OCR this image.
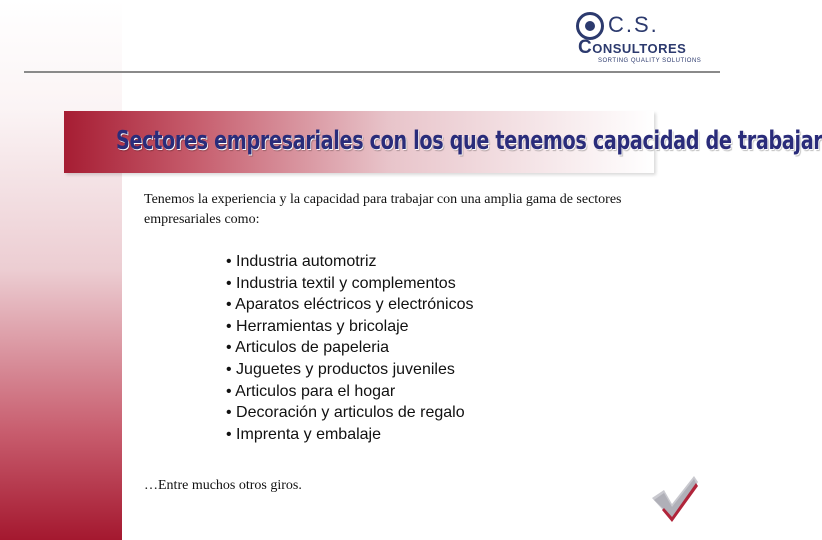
C.S.
Consultores
SORTING QUALITY SOLUTIONS
Sectores empresariales con los que tenemos capacidad de trabajar
Tenemos la experiencia y la capacidad para trabajar con una amplia gama de sectores empresariales como:
• Industria automotriz
• Industria textil y complementos
• Aparatos eléctricos y electrónicos
• Herramientas y bricolaje
• Articulos de papeleria
• Juguetes y productos juveniles
• Articulos para el hogar
• Decoración y articulos de regalo
• Imprenta y embalaje
…Entre muchos otros giros.
